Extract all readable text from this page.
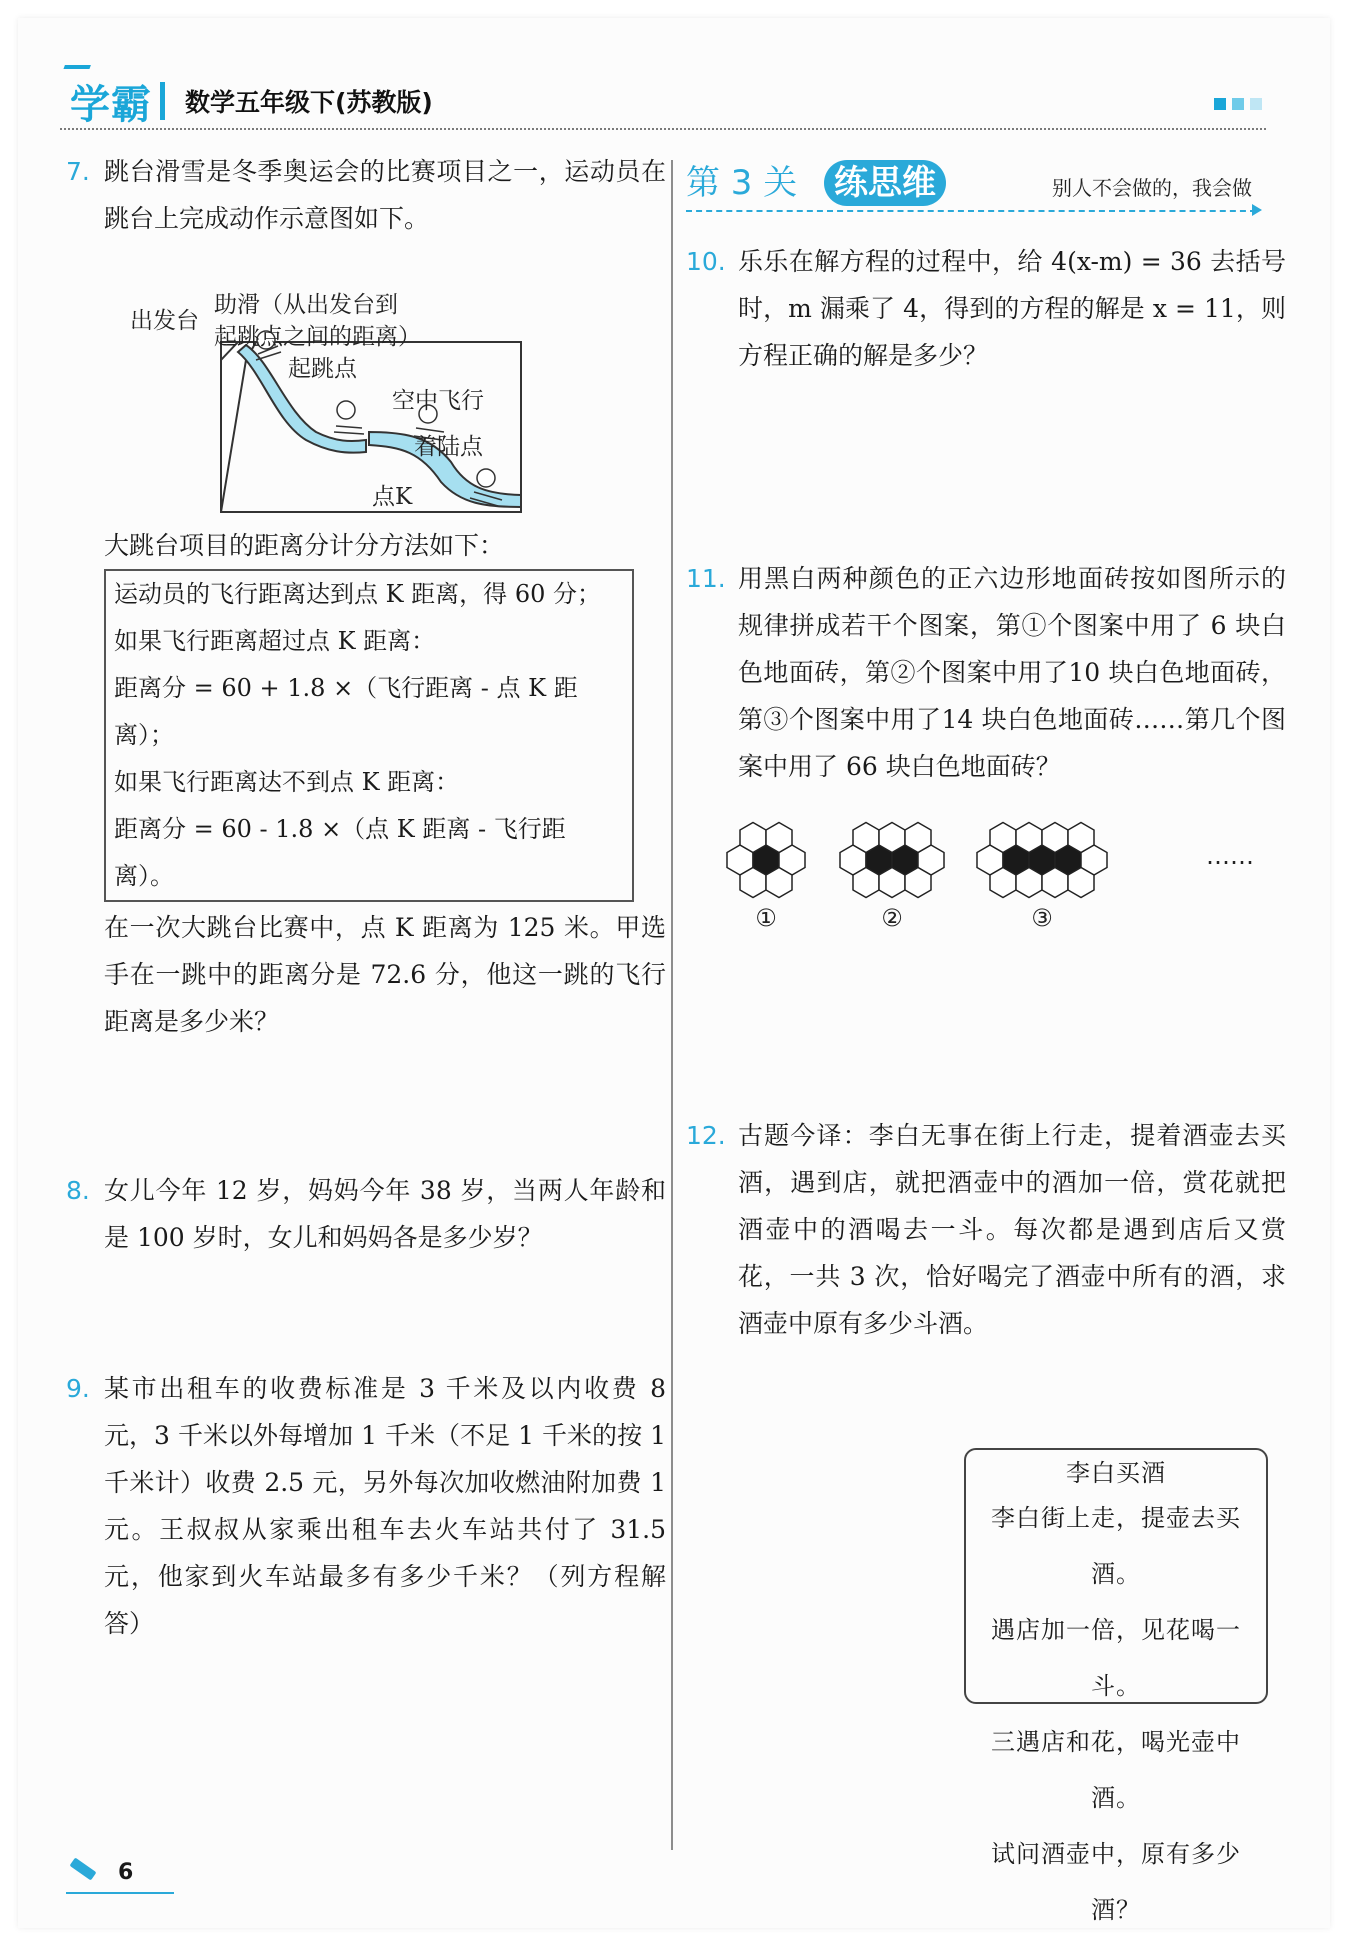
学霸 数学五年级下(苏教版)
7. 跳台滑雪是冬季奥运会的比赛项目之一，运动员在跳台上完成动作示意图如下。
出发台
助滑（从出发台到
起跳点之间的距离）
起跳点
空中飞行
着陆点
点K
大跳台项目的距离分计分方法如下：
运动员的飞行距离达到点 K 距离，得 60 分；
如果飞行距离超过点 K 距离：
距离分 = 60 + 1.8 ×（飞行距离 - 点 K 距离）；
如果飞行距离达不到点 K 距离：
距离分 = 60 - 1.8 ×（点 K 距离 - 飞行距离）。
在一次大跳台比赛中，点 K 距离为 125 米。甲选手在一跳中的距离分是 72.6 分，他这一跳的飞行距离是多少米？
8. 女儿今年 12 岁，妈妈今年 38 岁，当两人年龄和是 100 岁时，女儿和妈妈各是多少岁？
9. 某市出租车的收费标准是 3 千米及以内收费 8 元，3 千米以外每增加 1 千米（不足 1 千米的按 1 千米计）收费 2.5 元，另外每次加收燃油附加费 1 元。王叔叔从家乘出租车去火车站共付了 31.5 元，他家到火车站最多有多少千米？（列方程解答）
第 3 关 练思维	别人不会做的，我会做
10. 乐乐在解方程的过程中，给 4(x-m) = 36 去括号时，m 漏乘了 4，得到的方程的解是 x = 11，则方程正确的解是多少？
11. 用黑白两种颜色的正六边形地面砖按如图所示的规律拼成若干个图案，第①个图案中用了 6 块白色地面砖，第②个图案中用了10 块白色地面砖，第③个图案中用了14 块白色地面砖……第几个图案中用了 66 块白色地面砖？
①	②	③
……
12. 古题今译：李白无事在街上行走，提着酒壶去买酒，遇到店，就把酒壶中的酒加一倍，赏花就把酒壶中的酒喝去一斗。每次都是遇到店后又赏花，一共 3 次，恰好喝完了酒壶中所有的酒，求酒壶中原有多少斗酒。
李白买酒
李白街上走，提壶去买酒。
遇店加一倍，见花喝一斗。
三遇店和花，喝光壶中酒。
试问酒壶中，原有多少酒？
6
